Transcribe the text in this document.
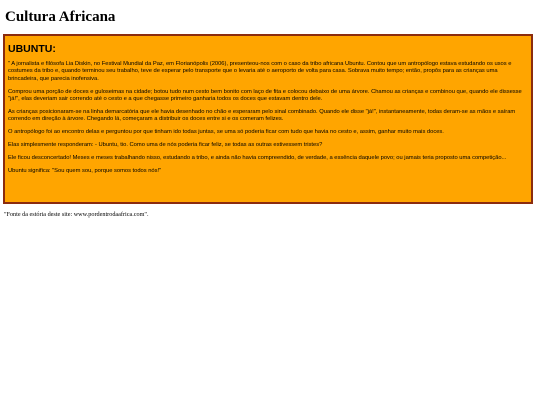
Cultura Africana
UBUNTU:

" A jornalista e filósofa Lia Diskin, no Festival Mundial da Paz, em Florianópolis (2006), presenteou-nos com o caso da tribo africana Ubuntu. Contou que um antropólogo estava estudando os usos e costumes da tribo e, quando terminou seu trabalho, teve de esperar pelo transporte que o levaria até o aeroporto de volta para casa. Sobrava muito tempo; então, propôs para as crianças uma brincadeira, que parecia inofensiva.

Comprou uma porção de doces e guloseimas na cidade; botou tudo num cesto bem bonito com laço de fita e colocou debaixo de uma árvore. Chamou as crianças e combinou que, quando ele dissesse "já!", elas deveriam sair correndo até o cesto e a que chegasse primeiro ganharia todos os doces que estavam dentro dele.

As crianças posicionaram-se na linha demarcatória que ele havia desenhado no chão e esperaram pelo sinal combinado. Quando ele disse "já!", instantaneamente, todas deram-se as mãos e saíram correndo em direção à árvore. Chegando lá, começaram a distribuir os doces entre si e os comeram felizes.

O antropólogo foi ao encontro delas e perguntou por que tinham ido todas juntas, se uma só poderia ficar com tudo que havia no cesto e, assim, ganhar muito mais doces.

Elas simplesmente responderam: - Ubuntu, tio. Como uma de nós poderia ficar feliz, se todas as outras estivessem tristes?

Ele ficou desconcertado! Meses e meses trabalhando nisso, estudando a tribo, e ainda não havia compreendido, de verdade, a essência daquele povo; ou jamais teria proposto uma competição...

Ubuntu significa: "Sou quem sou, porque somos todos nós!"

"Fonte da estória deste site: www.pordentrodaafrica.com".
